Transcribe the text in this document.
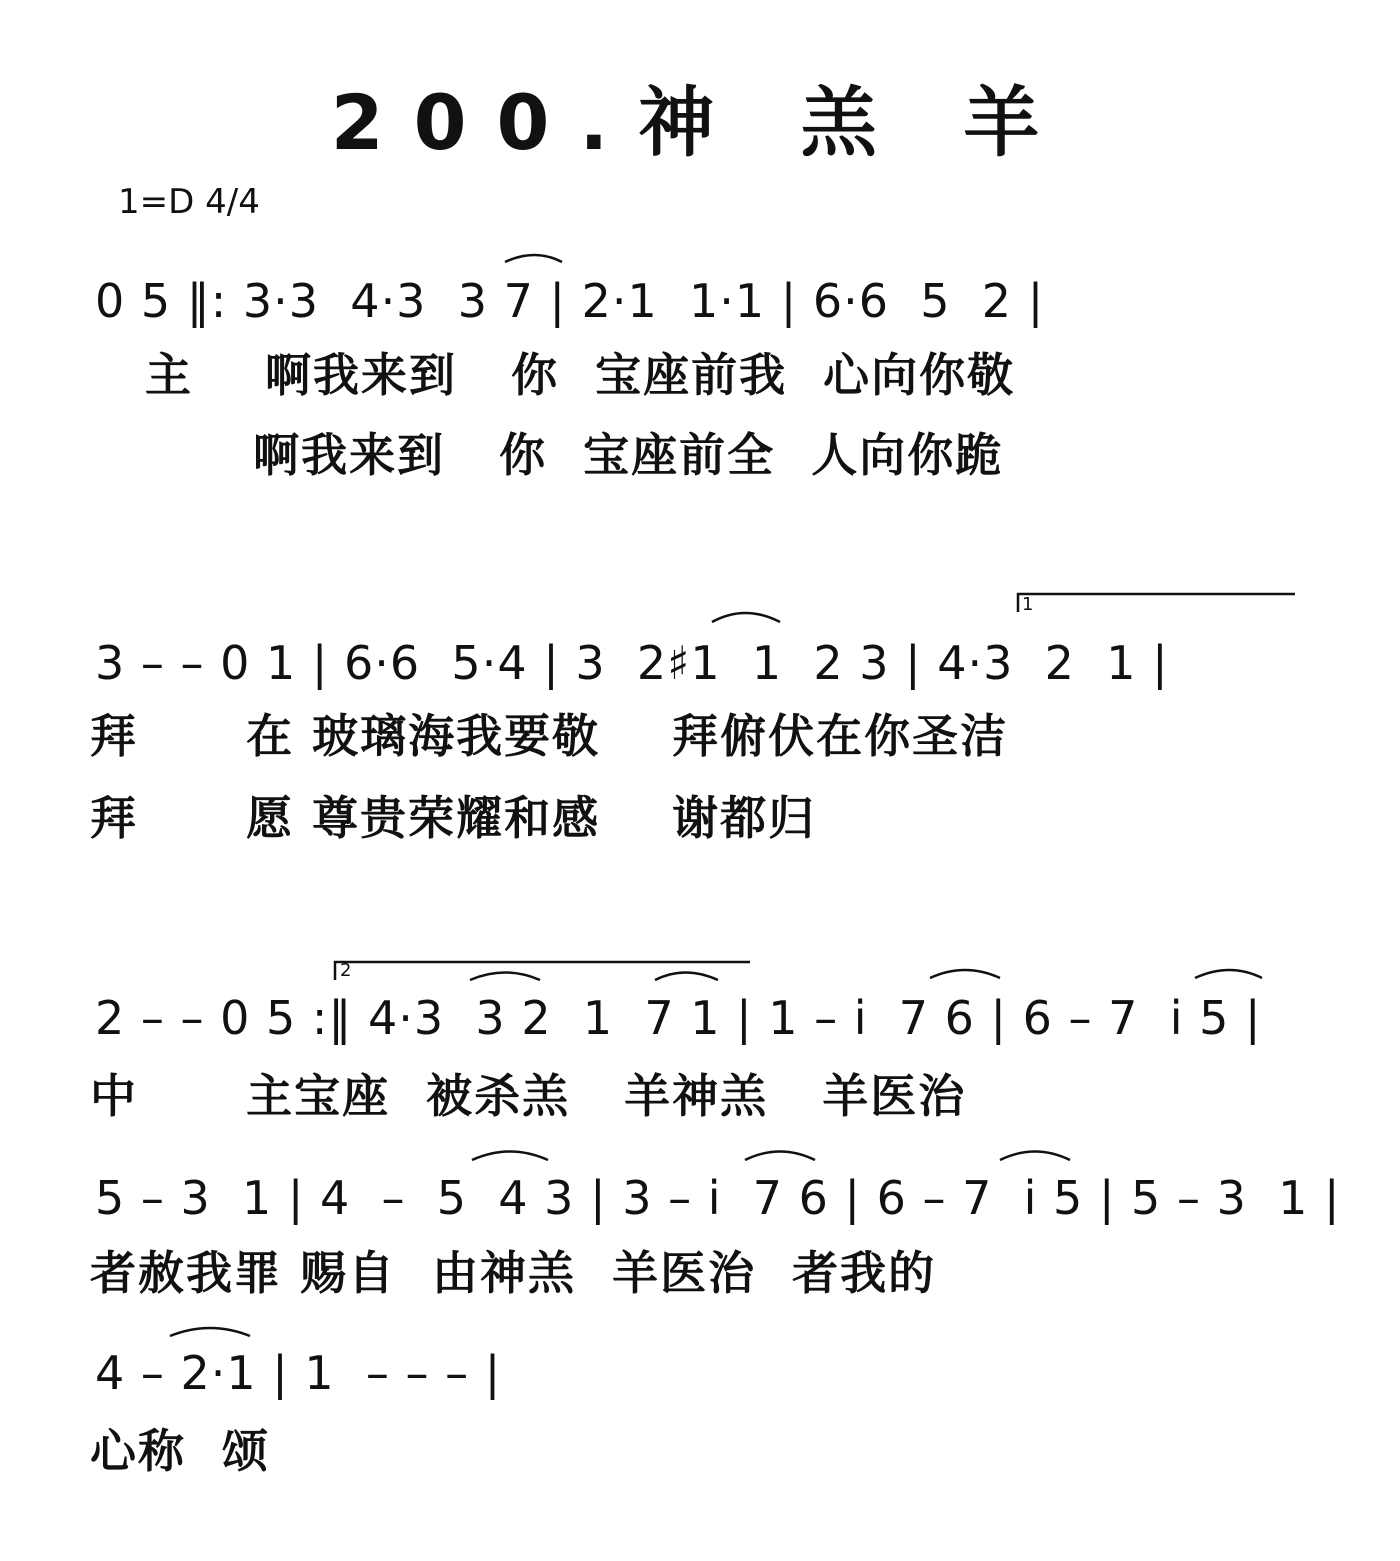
200.神 羔 羊
1=D 4/4
0 5 ‖: 3·3  4·3  3 7 | 2·1  1·1 | 6·6  5  2 |
主    啊我来到   你  宝座前我  心向你敬
啊我来到   你  宝座前全  人向你跪
3 – – 0 1 | 6·6  5·4 | 3  2♯1  1  2 3 | 4·3  2  1 |
1
拜      在 玻璃海我要敬    拜俯伏在你圣洁
拜      愿 尊贵荣耀和感    谢都归
2 – – 0 5 :‖ 4·3  3 2  1  7 1 | 1 – i  7 6 | 6 – 7  i 5 |
2
中      主宝座  被杀羔   羊神羔   羊医治
5 – 3  1 | 4  –  5  4 3 | 3 – i  7 6 | 6 – 7  i 5 | 5 – 3  1 |
者赦我罪 赐自  由神羔  羊医治  者我的
4 – 2·1 | 1  – – – |
心称  颂
